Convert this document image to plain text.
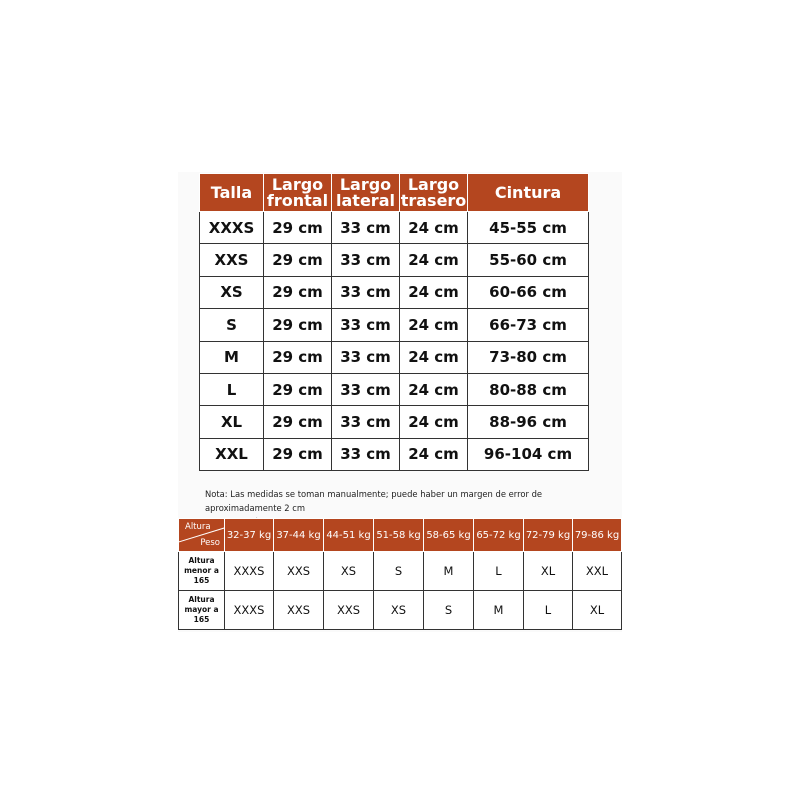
Talla	Largo frontal	Largo lateral	Largo trasero	Cintura
XXXS	29 cm	33 cm	24 cm	45-55 cm
XXS	29 cm	33 cm	24 cm	55-60 cm
XS	29 cm	33 cm	24 cm	60-66 cm
S	29 cm	33 cm	24 cm	66-73 cm
M	29 cm	33 cm	24 cm	73-80 cm
L	29 cm	33 cm	24 cm	80-88 cm
XL	29 cm	33 cm	24 cm	88-96 cm
XXL	29 cm	33 cm	24 cm	96-104 cm
Nota: Las medidas se toman manualmente; puede haber un margen de error de aproximadamente 2 cm
Altura
Peso	32-37 kg	37-44 kg	44-51 kg	51-58 kg	58-65 kg	65-72 kg	72-79 kg	79-86 kg
Altura menor a 165	XXXS	XXS	XS	S	M	L	XL	XXL
Altura mayor a 165	XXXS	XXS	XXS	XS	S	M	L	XL
